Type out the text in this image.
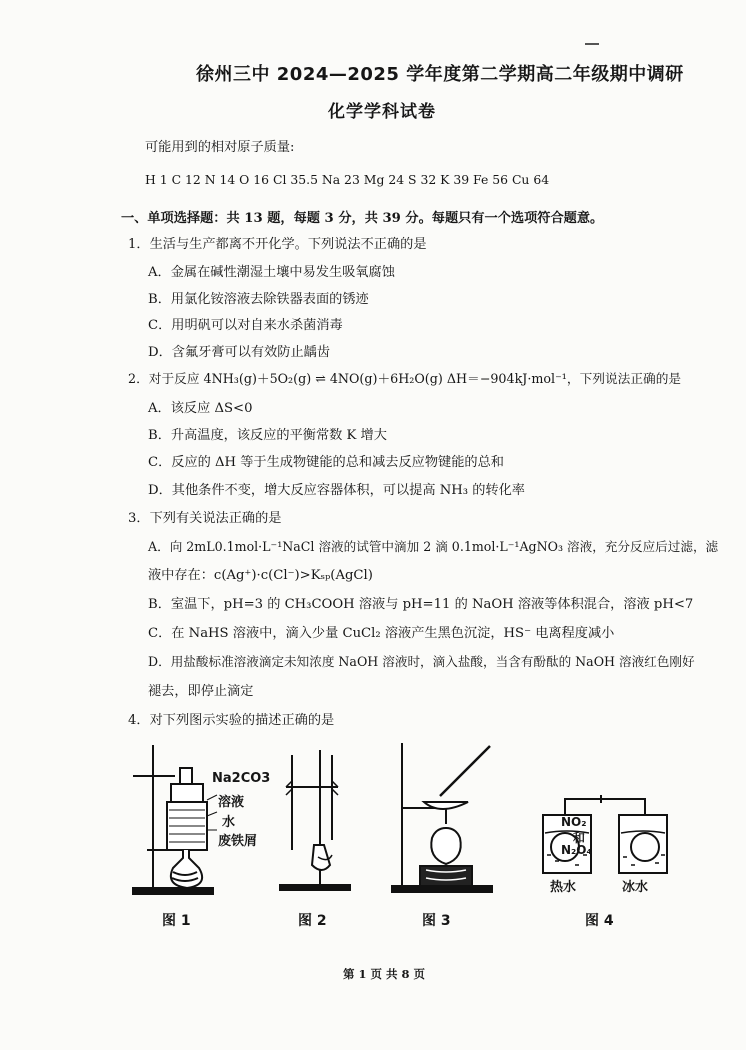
徐州三中 2024—2025 学年度第二学期高二年级期中调研
化学学科试卷
可能用到的相对原子质量:
H 1 C 12 N 14 O 16 Cl 35.5 Na 23 Mg 24 S 32 K 39 Fe 56 Cu 64
一、单项选择题：共 13 题，每题 3 分，共 39 分。每题只有一个选项符合题意。
1．生活与生产都离不开化学。下列说法不正确的是
A．金属在碱性潮湿土壤中易发生吸氧腐蚀
B．用氯化铵溶液去除铁器表面的锈迹
C．用明矾可以对自来水杀菌消毒
D．含氟牙膏可以有效防止龋齿
2．对于反应 4NH₃(g)＋5O₂(g) ⇌ 4NO(g)＋6H₂O(g) ΔH＝−904kJ·mol⁻¹，下列说法正确的是
A．该反应 ΔS<0
B．升高温度，该反应的平衡常数 K 增大
C．反应的 ΔH 等于生成物键能的总和减去反应物键能的总和
D．其他条件不变，增大反应容器体积，可以提高 NH₃ 的转化率
3．下列有关说法正确的是
A．向 2mL0.1mol·L⁻¹NaCl 溶液的试管中滴加 2 滴 0.1mol·L⁻¹AgNO₃ 溶液，充分反应后过滤，滤
液中存在：c(Ag⁺)·c(Cl⁻)>Kₛₚ(AgCl)
B．室温下，pH=3 的 CH₃COOH 溶液与 pH=11 的 NaOH 溶液等体积混合，溶液 pH<7
C．在 NaHS 溶液中，滴入少量 CuCl₂ 溶液产生黑色沉淀，HS⁻ 电离程度减小
D．用盐酸标准溶液滴定未知浓度 NaOH 溶液时，滴入盐酸，当含有酚酞的 NaOH 溶液红色刚好
褪去，即停止滴定
4．对下列图示实验的描述正确的是
Na2CO3
溶液
水
废铁屑
图 1	图 2	图 3
NO₂
和
N₂O₄
热水	冰水
图 4
第 1 页 共 8 页
